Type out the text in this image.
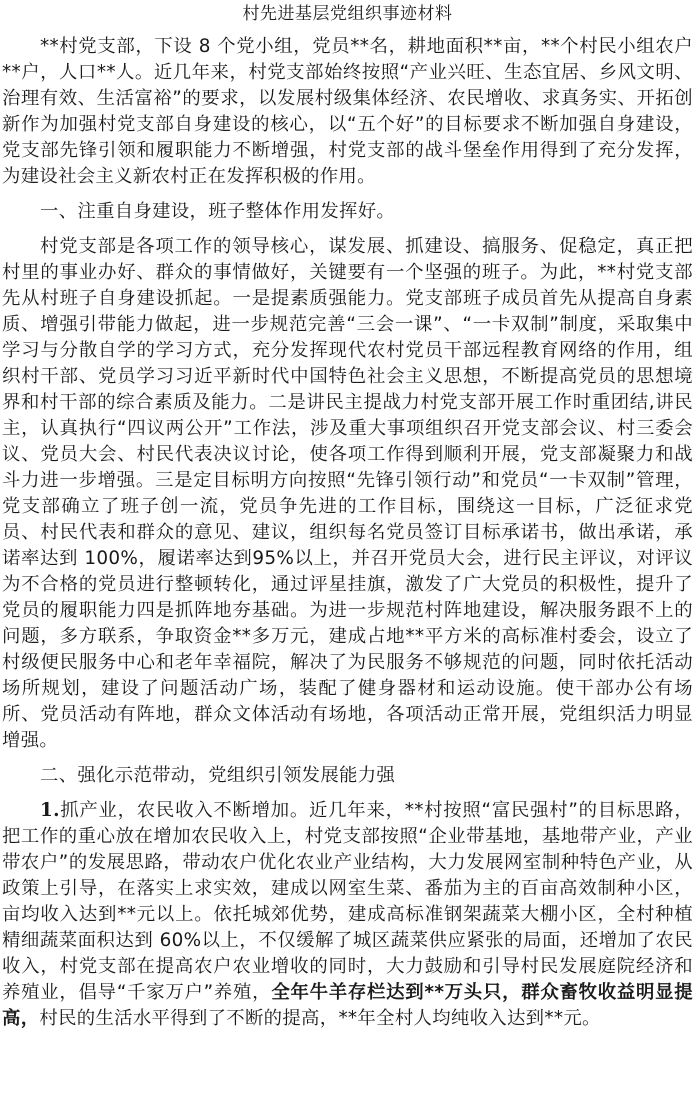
村先进基层党组织事迹材料

**村党支部，下设 8 个党小组，党员**名，耕地面积**亩，**个村民小组农户**户，人口**人。近几年来，村党支部始终按照“产业兴旺、生态宜居、乡风文明、治理有效、生活富裕”的要求，以发展村级集体经济、农民增收、求真务实、开拓创新作为加强村党支部自身建设的核心，以“五个好”的目标要求不断加强自身建设，党支部先锋引领和履职能力不断增强，村党支部的战斗堡垒作用得到了充分发挥，为建设社会主义新农村正在发挥积极的作用。

一、注重自身建设，班子整体作用发挥好。

村党支部是各项工作的领导核心，谋发展、抓建设、搞服务、促稳定，真正把村里的事业办好、群众的事情做好，关键要有一个坚强的班子。为此，**村党支部先从村班子自身建设抓起。一是提素质强能力。党支部班子成员首先从提高自身素质、增强引带能力做起，进一步规范完善“三会一课”、“一卡双制”制度，采取集中学习与分散自学的学习方式，充分发挥现代农村党员干部远程教育网络的作用，组织村干部、党员学习习近平新时代中国特色社会主义思想，不断提高党员的思想境界和村干部的综合素质及能力。二是讲民主提战力村党支部开展工作时重团结,讲民主，认真执行“四议两公开”工作法，涉及重大事项组织召开党支部会议、村三委会议、党员大会、村民代表决议讨论，使各项工作得到顺利开展，党支部凝聚力和战斗力进一步增强。三是定目标明方向按照“先锋引领行动”和党员“一卡双制”管理，党支部确立了班子创一流，党员争先进的工作目标，围绕这一目标，广泛征求党员、村民代表和群众的意见、建议，组织每名党员签订目标承诺书，做出承诺，承诺率达到 100%，履诺率达到95%以上，并召开党员大会，进行民主评议，对评议为不合格的党员进行整顿转化，通过评星挂旗，激发了广大党员的积极性，提升了党员的履职能力四是抓阵地夯基础。为进一步规范村阵地建设，解决服务跟不上的问题，多方联系，争取资金**多万元，建成占地**平方米的高标准村委会，设立了村级便民服务中心和老年幸福院，解决了为民服务不够规范的问题，同时依托活动场所规划，建设了问题活动广场，装配了健身器材和运动设施。使干部办公有场所、党员活动有阵地，群众文体活动有场地，各项活动正常开展，党组织活力明显增强。

二、强化示范带动，党组织引领发展能力强

1.抓产业，农民收入不断增加。近几年来，**村按照“富民强村”的目标思路，把工作的重心放在增加农民收入上，村党支部按照“企业带基地，基地带产业，产业带农户”的发展思路，带动农户优化农业产业结构，大力发展网室制种特色产业，从政策上引导，在落实上求实效，建成以网室生菜、番茄为主的百亩高效制种小区，亩均收入达到**元以上。依托城郊优势，建成高标准钢架蔬菜大棚小区，全村种植精细蔬菜面积达到 60%以上，不仅缓解了城区蔬菜供应紧张的局面，还增加了农民收入，村党支部在提高农户农业增收的同时，大力鼓励和引导村民发展庭院经济和养殖业，倡导“千家万户”养殖，全年牛羊存栏达到**万头只，群众畜牧收益明显提高，村民的生活水平得到了不断的提高，**年全村人均纯收入达到**元。
